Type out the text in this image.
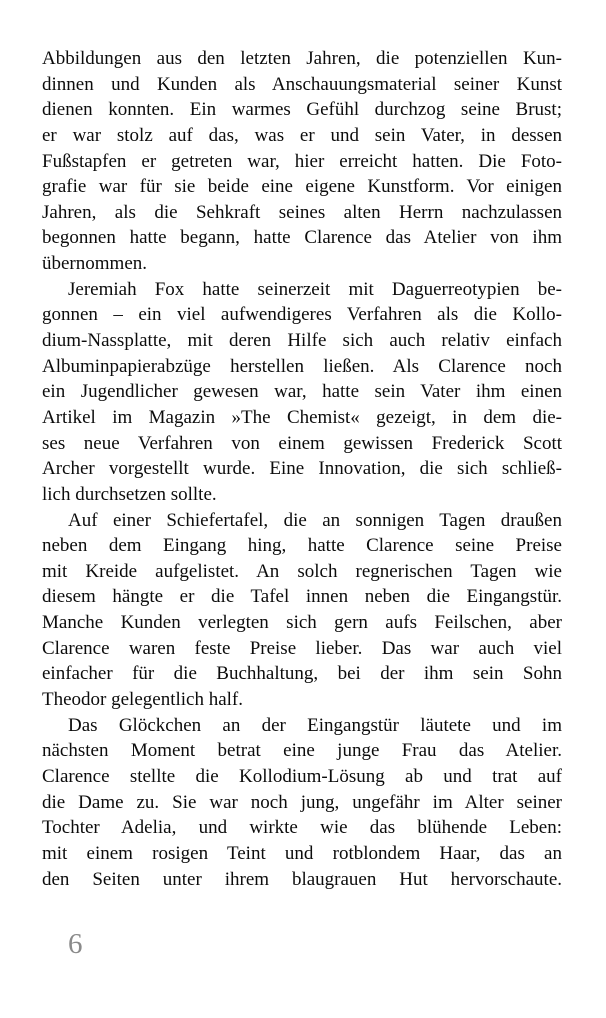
Abbildungen aus den letzten Jahren, die potenziellen Kun-
dinnen und Kunden als Anschauungsmaterial seiner Kunst
dienen konnten. Ein warmes Gefühl durchzog seine Brust;
er war stolz auf das, was er und sein Vater, in dessen
Fußstapfen er getreten war, hier erreicht hatten. Die Foto-
grafie war für sie beide eine eigene Kunstform. Vor einigen
Jahren, als die Sehkraft seines alten Herrn nachzulassen
begonnen hatte begann, hatte Clarence das Atelier von ihm
übernommen.
Jeremiah Fox hatte seinerzeit mit Daguerreotypien be-
gonnen – ein viel aufwendigeres Verfahren als die Kollo-
dium-Nassplatte, mit deren Hilfe sich auch relativ einfach
Albuminpapierabzüge herstellen ließen. Als Clarence noch
ein Jugendlicher gewesen war, hatte sein Vater ihm einen
Artikel im Magazin »The Chemist« gezeigt, in dem die-
ses neue Verfahren von einem gewissen Frederick Scott
Archer vorgestellt wurde. Eine Innovation, die sich schließ-
lich durchsetzen sollte.
Auf einer Schiefertafel, die an sonnigen Tagen draußen
neben dem Eingang hing, hatte Clarence seine Preise
mit Kreide aufgelistet. An solch regnerischen Tagen wie
diesem hängte er die Tafel innen neben die Eingangstür.
Manche Kunden verlegten sich gern aufs Feilschen, aber
Clarence waren feste Preise lieber. Das war auch viel
einfacher für die Buchhaltung, bei der ihm sein Sohn
Theodor gelegentlich half.
Das Glöckchen an der Eingangstür läutete und im
nächsten Moment betrat eine junge Frau das Atelier.
Clarence stellte die Kollodium-Lösung ab und trat auf
die Dame zu. Sie war noch jung, ungefähr im Alter seiner
Tochter Adelia, und wirkte wie das blühende Leben:
mit einem rosigen Teint und rotblondem Haar, das an
den Seiten unter ihrem blaugrauen Hut hervorschaute.
6
